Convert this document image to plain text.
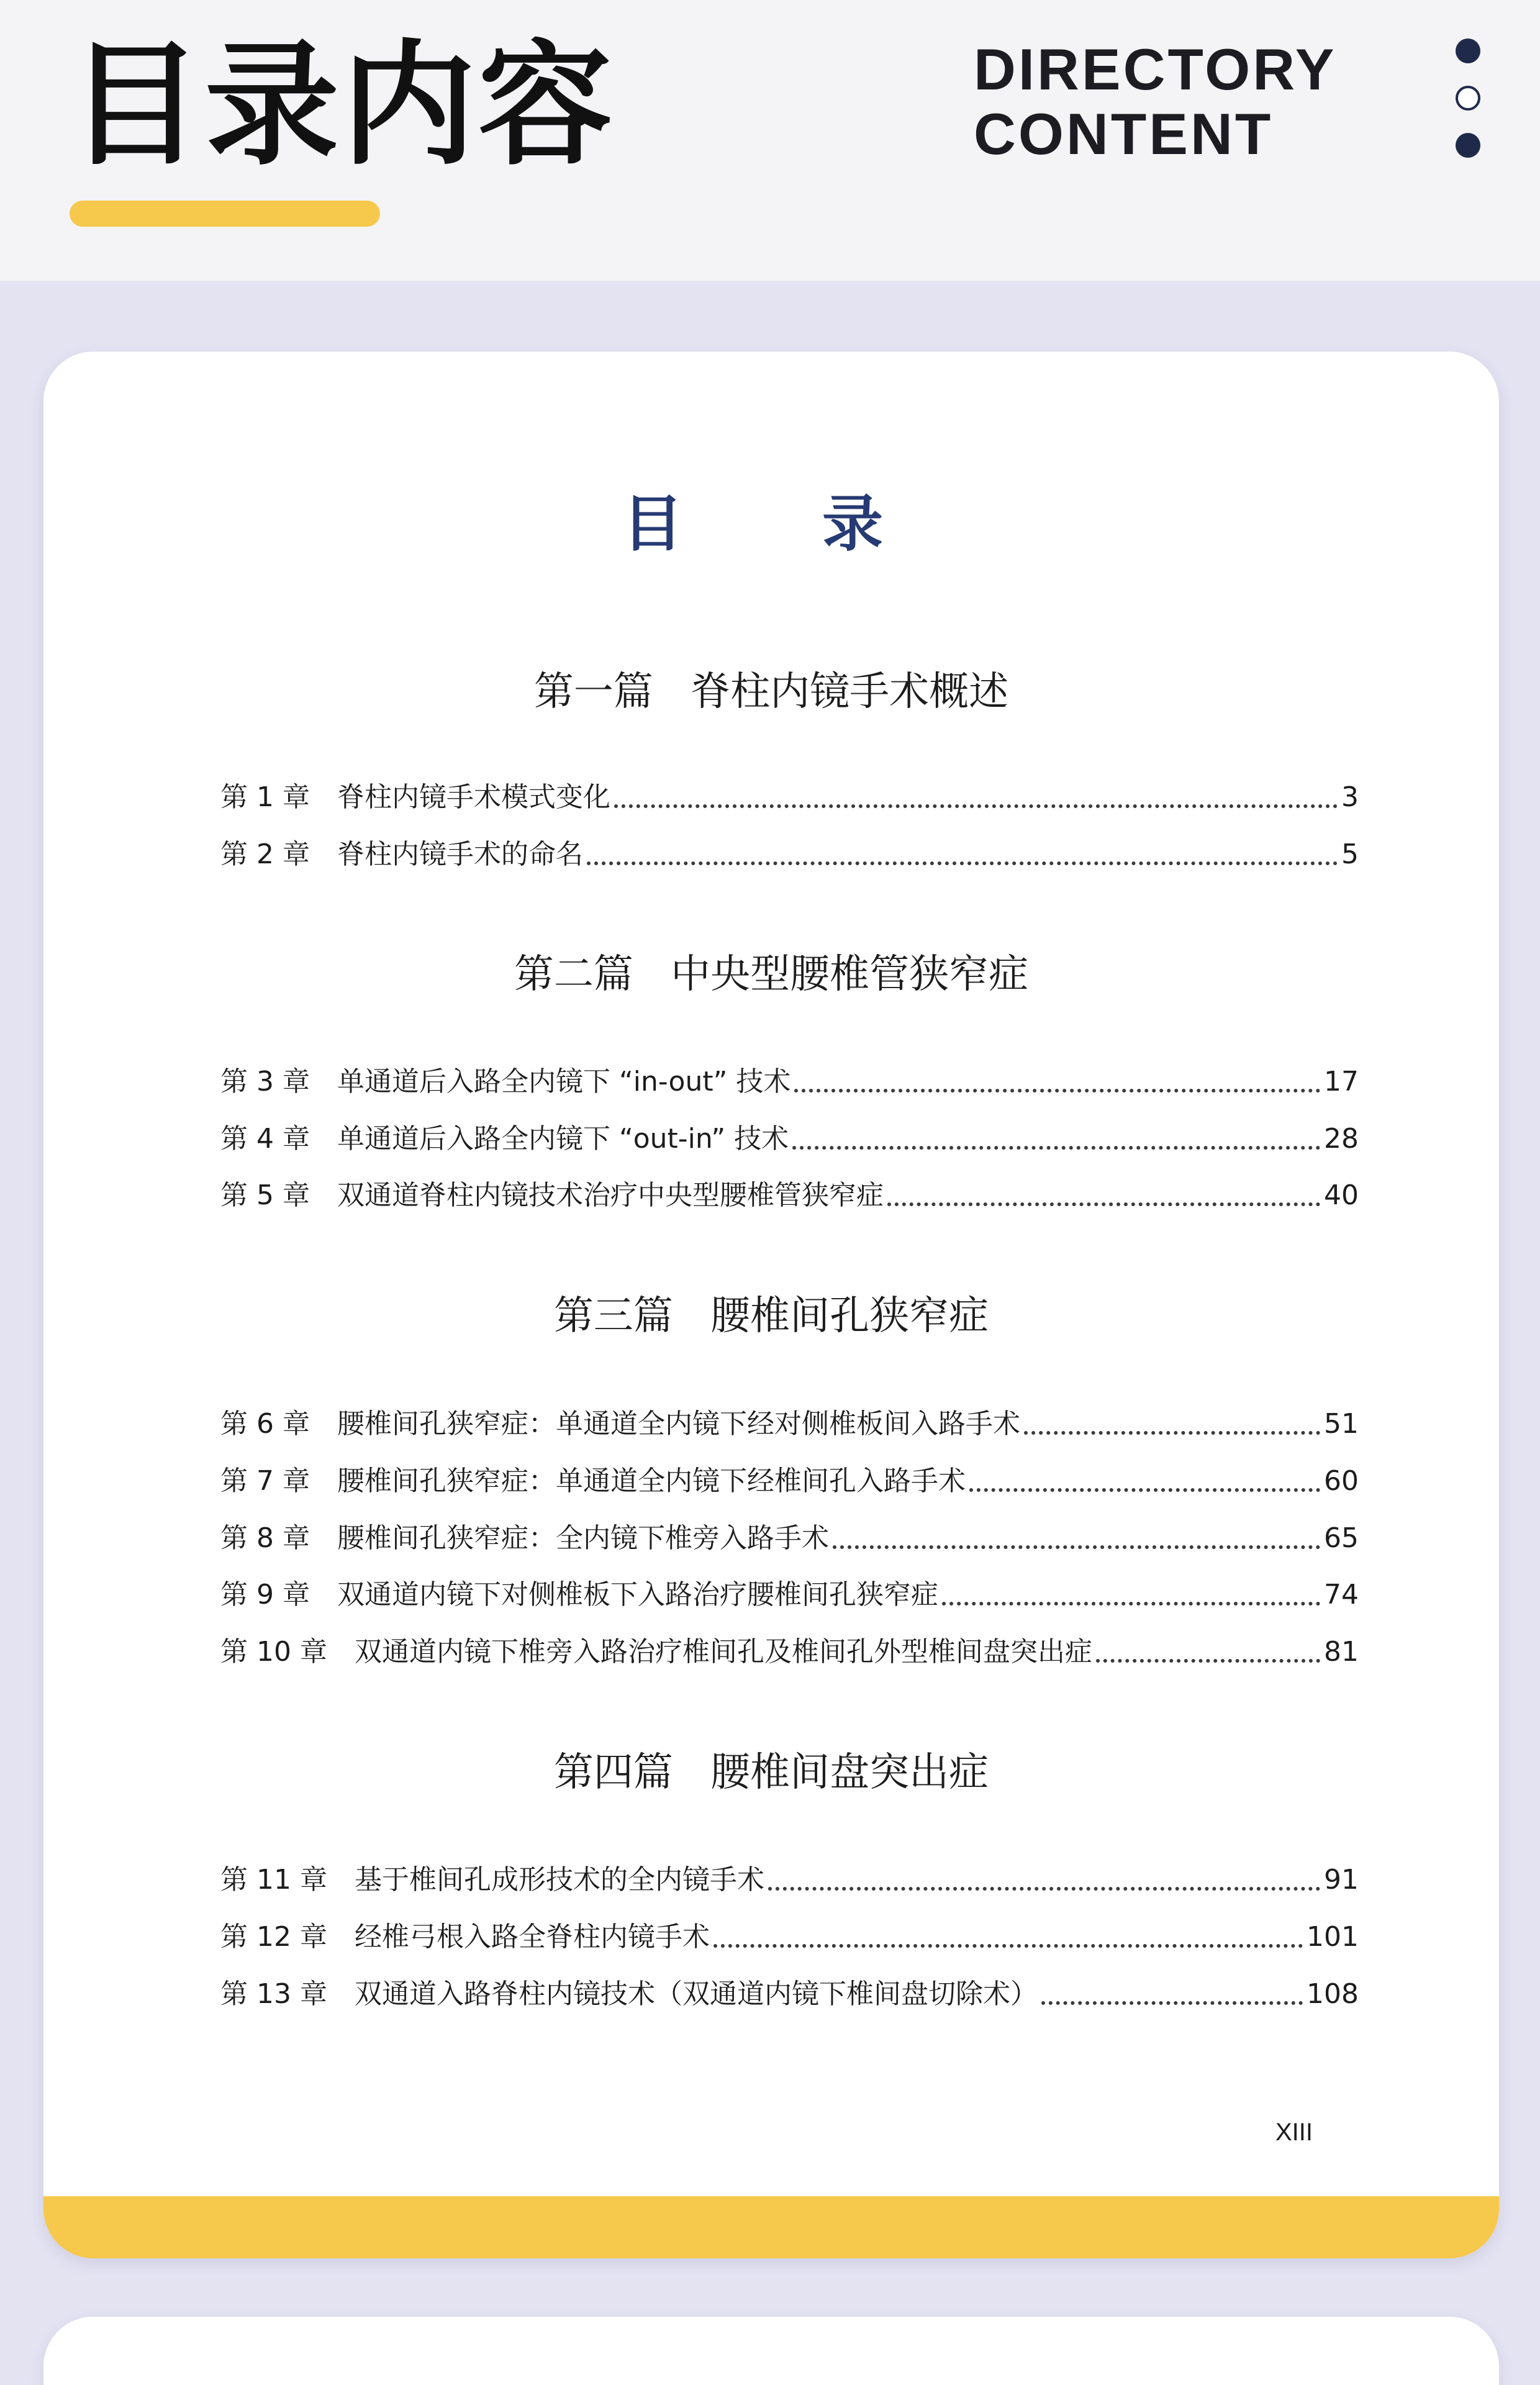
目录内容	DIRECTORY
CONTENT
目 录
第一篇 脊柱内镜手术概述
第 1 章	脊柱内镜手术模式变化	3
第 2 章	脊柱内镜手术的命名	5
第二篇 中央型腰椎管狭窄症
第 3 章	单通道后入路全内镜下 “in-out” 技术	17
第 4 章	单通道后入路全内镜下 “out-in” 技术	28
第 5 章	双通道脊柱内镜技术治疗中央型腰椎管狭窄症	40
第三篇 腰椎间孔狭窄症
第 6 章	腰椎间孔狭窄症：单通道全内镜下经对侧椎板间入路手术	51
第 7 章	腰椎间孔狭窄症：单通道全内镜下经椎间孔入路手术	60
第 8 章	腰椎间孔狭窄症：全内镜下椎旁入路手术	65
第 9 章	双通道内镜下对侧椎板下入路治疗腰椎间孔狭窄症	74
第 10 章	双通道内镜下椎旁入路治疗椎间孔及椎间孔外型椎间盘突出症	81
第四篇 腰椎间盘突出症
第 11 章	基于椎间孔成形技术的全内镜手术	91
第 12 章	经椎弓根入路全脊柱内镜手术	101
第 13 章	双通道入路脊柱内镜技术（双通道内镜下椎间盘切除术）	108
XIII
